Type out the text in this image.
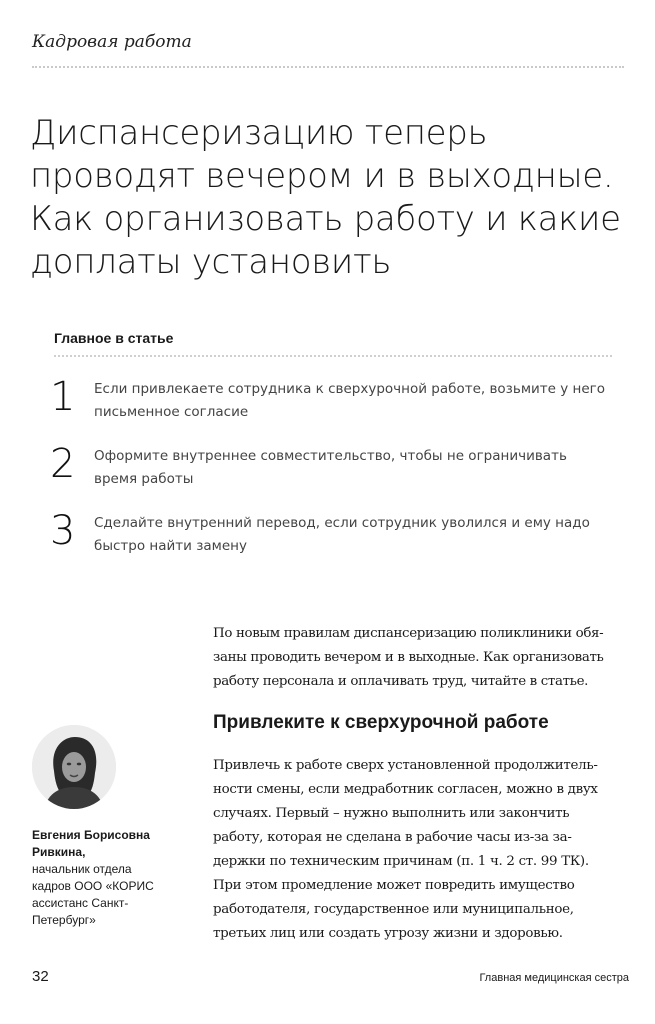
Кадровая работа
Диспансеризацию теперь
проводят вечером и в выходные.
Как организовать работу и какие
доплаты установить
Главное в статье
1	Если привлекаете сотрудника к сверхурочной работе, возьмите у него
письменное согласие
2	Оформите внутреннее совместительство, чтобы не ограничивать
время работы
3	Сделайте внутренний перевод, если сотрудник уволился и ему надо
быстро найти замену
По новым правилам диспансеризацию поликлиники обя-
заны проводить вечером и в выходные. Как организовать
работу персонала и оплачивать труд, читайте в статье.
Привлеките к сверхурочной работе
Привлечь к работе сверх установленной продолжитель-
ности смены, если медработник согласен, можно в двух
случаях. Первый – нужно выполнить или закончить
работу, которая не сделана в рабочие часы из-за за-
держки по техническим причинам (п. 1 ч. 2 ст. 99 ТК).
При этом промедление может повредить имущество
работодателя, государственное или муниципальное,
третьих лиц или создать угрозу жизни и здоровью.
Евгения Борисовна
Ривкина,
начальник отдела
кадров ООО «КОРИС
ассистанс Санкт-
Петербург»
32	Главная медицинская сестра
